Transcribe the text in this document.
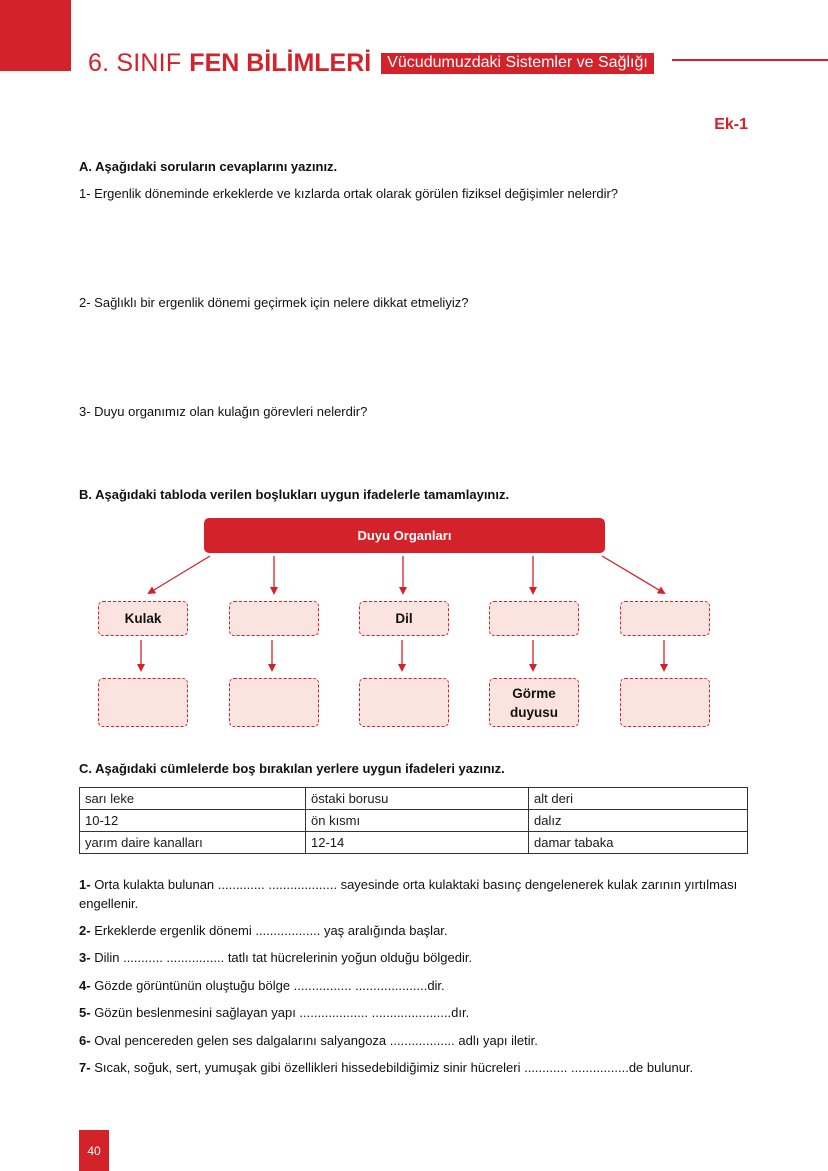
6. SINIF FEN BİLİMLERİ	Vücudumuzdaki Sistemler ve Sağlığı
Ek-1
A. Aşağıdaki soruların cevaplarını yazınız.
1- Ergenlik döneminde erkeklerde ve kızlarda ortak olarak görülen fiziksel değişimler nelerdir?
2- Sağlıklı bir ergenlik dönemi geçirmek için nelere dikkat etmeliyiz?
3- Duyu organımız olan kulağın görevleri nelerdir?
B. Aşağıdaki tabloda verilen boşlukları uygun ifadelerle tamamlayınız.
Duyu Organları
Kulak	Dil
Görme duyusu
C. Aşağıdaki cümlelerde boş bırakılan yerlere uygun ifadeleri yazınız.
sarı leke	östaki borusu	alt deri
10-12	ön kısmı	dalız
yarım daire kanalları	12-14	damar tabaka
1- Orta kulakta bulunan ............. ................... sayesinde orta kulaktaki basınç dengelenerek kulak zarının yırtılması engellenir.
2- Erkeklerde ergenlik dönemi .................. yaş aralığında başlar.
3- Dilin ........... ................ tatlı tat hücrelerinin yoğun olduğu bölgedir.
4- Gözde görüntünün oluştuğu bölge ................ ....................dir.
5- Gözün beslenmesini sağlayan yapı ................... ......................dır.
6- Oval pencereden gelen ses dalgalarını salyangoza .................. adlı yapı iletir.
7- Sıcak, soğuk, sert, yumuşak gibi özellikleri hissedebildiğimiz sinir hücreleri ............ ................de bulunur.
40
